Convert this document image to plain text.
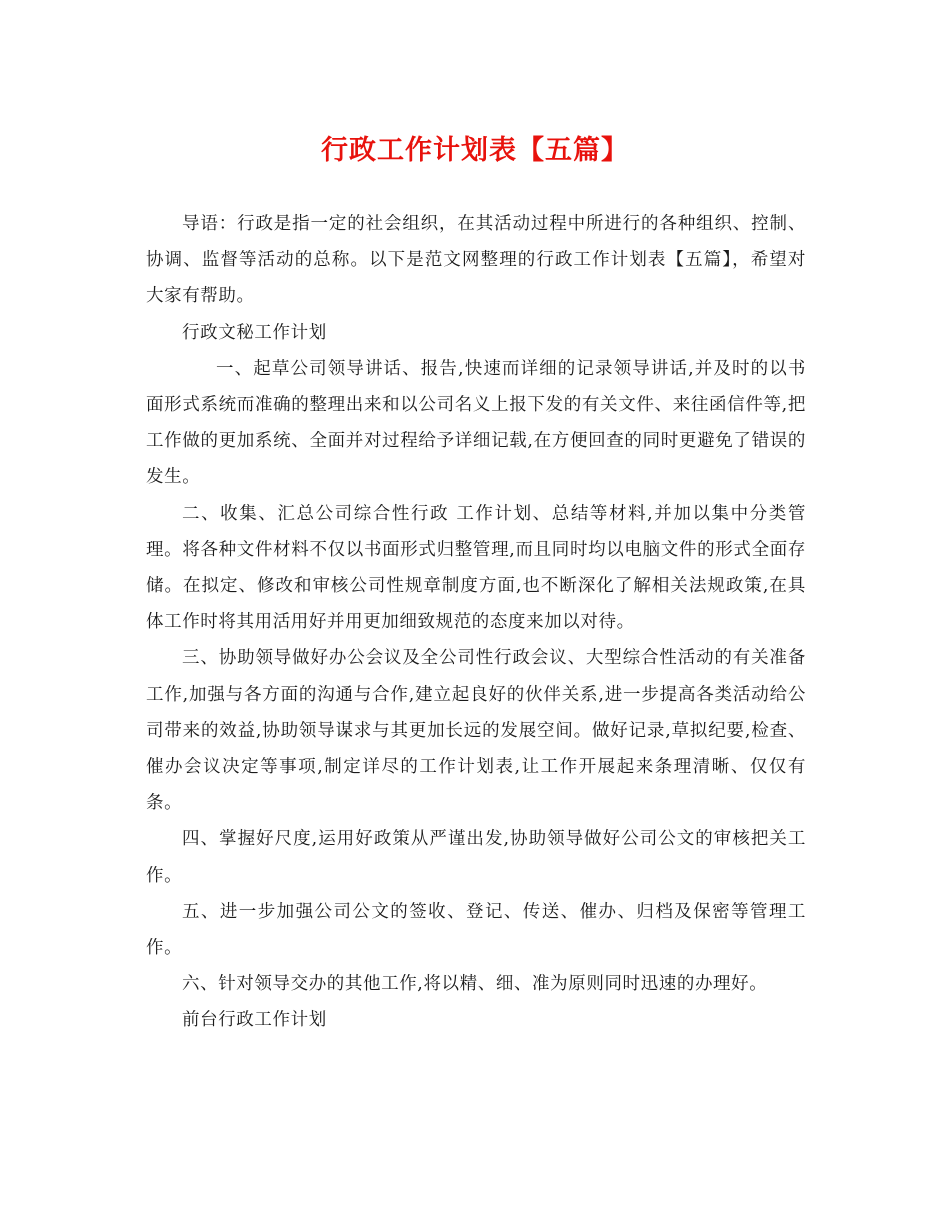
行政工作计划表【五篇】

导语：行政是指一定的社会组织，在其活动过程中所进行的各种组织、控制、协调、监督等活动的总称。以下是范文网整理的行政工作计划表【五篇】，希望对大家有帮助。

行政文秘工作计划

一、起草公司领导讲话、报告,快速而详细的记录领导讲话,并及时的以书面形式系统而准确的整理出来和以公司名义上报下发的有关文件、来往函信件等,把工作做的更加系统、全面并对过程给予详细记载,在方便回查的同时更避免了错误的发生。

二、收集、汇总公司综合性行政 工作计划、总结等材料,并加以集中分类管理。将各种文件材料不仅以书面形式归整管理,而且同时均以电脑文件的形式全面存储。在拟定、修改和审核公司性规章制度方面,也不断深化了解相关法规政策,在具体工作时将其用活用好并用更加细致规范的态度来加以对待。

三、协助领导做好办公会议及全公司性行政会议、大型综合性活动的有关准备工作,加强与各方面的沟通与合作,建立起良好的伙伴关系,进一步提高各类活动给公司带来的效益,协助领导谋求与其更加长远的发展空间。做好记录,草拟纪要,检查、催办会议决定等事项,制定详尽的工作计划表,让工作开展起来条理清晰、仅仅有条。

四、掌握好尺度,运用好政策从严谨出发,协助领导做好公司公文的审核把关工作。

五、进一步加强公司公文的签收、登记、传送、催办、归档及保密等管理工作。

六、针对领导交办的其他工作,将以精、细、准为原则同时迅速的办理好。

前台行政工作计划
